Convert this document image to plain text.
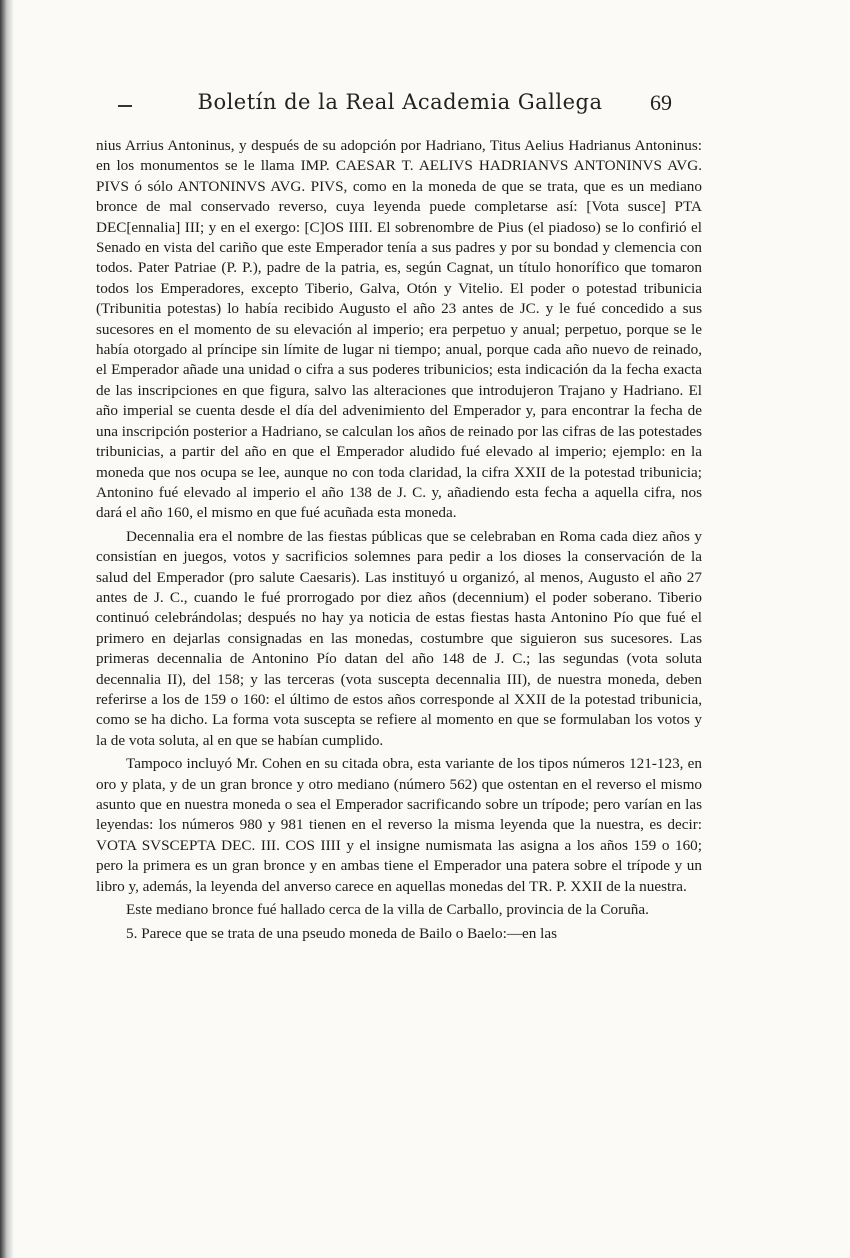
Boletín de la Real Academia Gallega	69

nius Arrius Antoninus, y después de su adopción por Hadriano, Titus Aelius Hadrianus Antoninus: en los monumentos se le llama IMP. CAESAR T. AELIVS HADRIANVS ANTONINVS AVG. PIVS ó sólo ANTONINVS AVG. PIVS, como en la moneda de que se trata, que es un mediano bronce de mal conservado reverso, cuya leyenda puede completarse así: [Vota susce] PTA DEC[ennalia] III; y en el exergo: [C]OS IIII. El sobrenombre de Pius (el piadoso) se lo confirió el Senado en vista del cariño que este Emperador tenía a sus padres y por su bondad y clemencia con todos. Pater Patriae (P. P.), padre de la patria, es, según Cagnat, un título honorífico que tomaron todos los Emperadores, excepto Tiberio, Galva, Otón y Vitelio. El poder o potestad tribunicia (Tribunitia potestas) lo había recibido Augusto el año 23 antes de JC. y le fué concedido a sus sucesores en el momento de su elevación al imperio; era perpetuo y anual; perpetuo, porque se le había otorgado al príncipe sin límite de lugar ni tiempo; anual, porque cada año nuevo de reinado, el Emperador añade una unidad o cifra a sus poderes tribunicios; esta indicación da la fecha exacta de las inscripciones en que figura, salvo las alteraciones que introdujeron Trajano y Hadriano. El año imperial se cuenta desde el día del advenimiento del Emperador y, para encontrar la fecha de una inscripción posterior a Hadriano, se calculan los años de reinado por las cifras de las potestades tribunicias, a partir del año en que el Emperador aludido fué elevado al imperio; ejemplo: en la moneda que nos ocupa se lee, aunque no con toda claridad, la cifra XXII de la potestad tribunicia; Antonino fué elevado al imperio el año 138 de J. C. y, añadiendo esta fecha a aquella cifra, nos dará el año 160, el mismo en que fué acuñada esta moneda.

Decennalia era el nombre de las fiestas públicas que se celebraban en Roma cada diez años y consistían en juegos, votos y sacrificios solemnes para pedir a los dioses la conservación de la salud del Emperador (pro salute Caesaris). Las instituyó u organizó, al menos, Augusto el año 27 antes de J. C., cuando le fué prorrogado por diez años (decennium) el poder soberano. Tiberio continuó celebrándolas; después no hay ya noticia de estas fiestas hasta Antonino Pío que fué el primero en dejarlas consignadas en las monedas, costumbre que siguieron sus sucesores. Las primeras decennalia de Antonino Pío datan del año 148 de J. C.; las segundas (vota soluta decennalia II), del 158; y las terceras (vota suscepta decennalia III), de nuestra moneda, deben referirse a los de 159 o 160: el último de estos años corresponde al XXII de la potestad tribunicia, como se ha dicho. La forma vota suscepta se refiere al momento en que se formulaban los votos y la de vota soluta, al en que se habían cumplido.

Tampoco incluyó Mr. Cohen en su citada obra, esta variante de los tipos números 121-123, en oro y plata, y de un gran bronce y otro mediano (número 562) que ostentan en el reverso el mismo asunto que en nuestra moneda o sea el Emperador sacrificando sobre un trípode; pero varían en las leyendas: los números 980 y 981 tienen en el reverso la misma leyenda que la nuestra, es decir: VOTA SVSCEPTA DEC. III. COS IIII y el insigne numismata las asigna a los años 159 o 160; pero la primera es un gran bronce y en ambas tiene el Emperador una patera sobre el trípode y un libro y, además, la leyenda del anverso carece en aquellas monedas del TR. P. XXII de la nuestra.

Este mediano bronce fué hallado cerca de la villa de Carballo, provincia de la Coruña.

5. Parece que se trata de una pseudo moneda de Bailo o Baelo:—en las
